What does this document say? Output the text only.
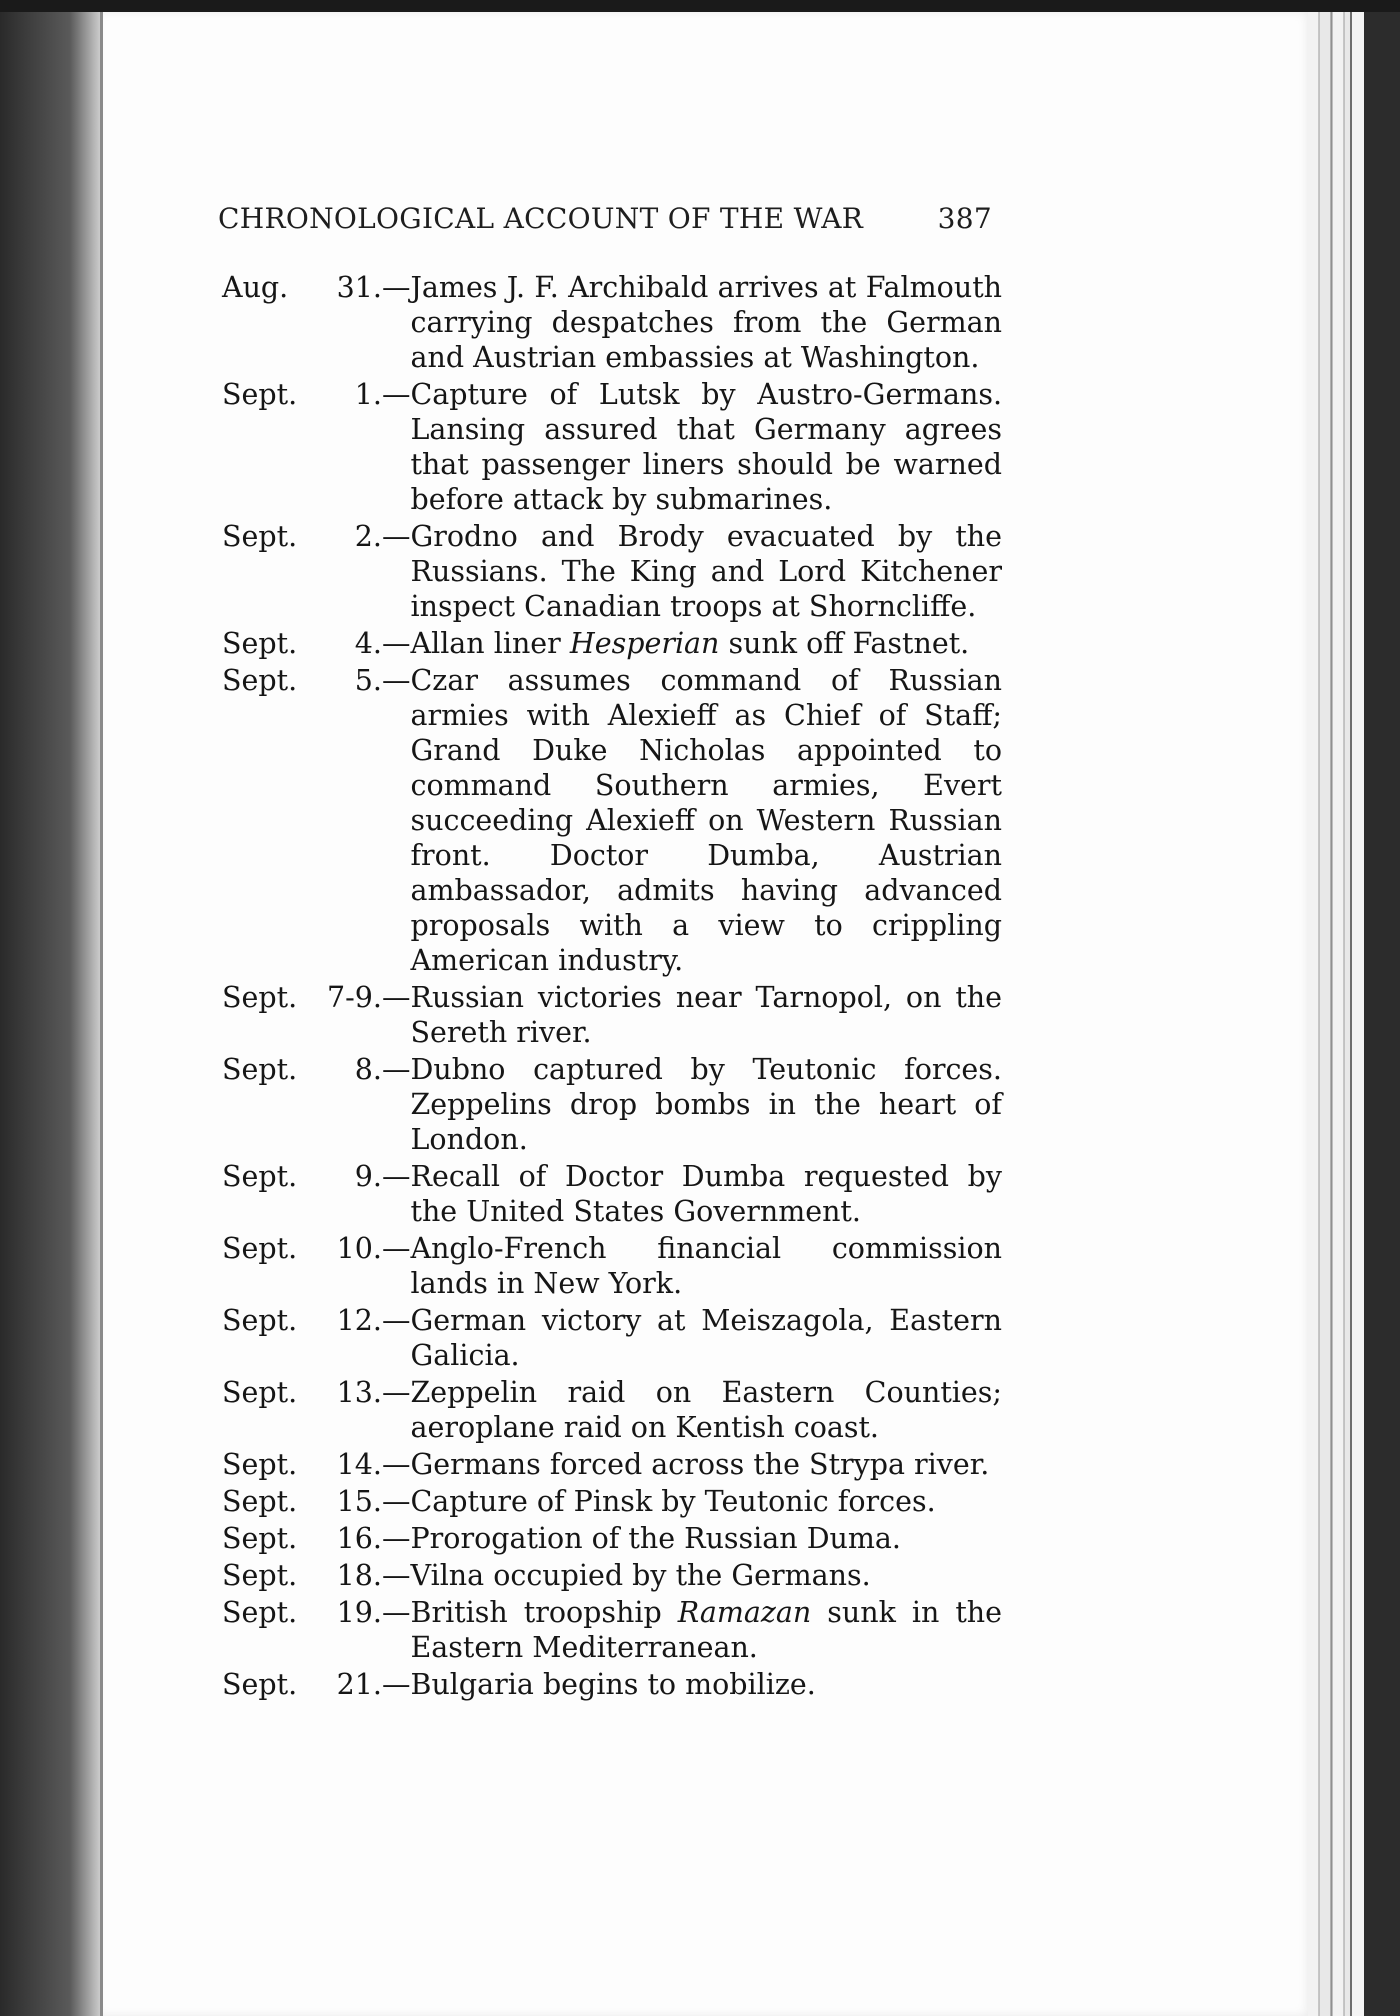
CHRONOLOGICAL ACCOUNT OF THE WAR	387
Aug. 31. — James J. F. Archibald arrives at Falmouth carrying despatches from the German and Austrian embassies at Washington.
Sept. 1. — Capture of Lutsk by Austro-Germans. Lansing assured that Germany agrees that passenger liners should be warned before attack by submarines.
Sept. 2. — Grodno and Brody evacuated by the Russians. The King and Lord Kitchener inspect Canadian troops at Shorncliffe.
Sept. 4. — Allan liner Hesperian sunk off Fastnet.
Sept. 5. — Czar assumes command of Russian armies with Alexieff as Chief of Staff; Grand Duke Nicholas appointed to command Southern armies, Evert succeeding Alexieff on Western Russian front. Doctor Dumba, Austrian ambassador, admits having advanced proposals with a view to crippling American industry.
Sept. 7-9. — Russian victories near Tarnopol, on the Sereth river.
Sept. 8. — Dubno captured by Teutonic forces. Zeppelins drop bombs in the heart of London.
Sept. 9. — Recall of Doctor Dumba requested by the United States Government.
Sept. 10. — Anglo-French financial commission lands in New York.
Sept. 12. — German victory at Meiszagola, Eastern Galicia.
Sept. 13. — Zeppelin raid on Eastern Counties; aeroplane raid on Kentish coast.
Sept. 14. — Germans forced across the Strypa river.
Sept. 15. — Capture of Pinsk by Teutonic forces.
Sept. 16. — Prorogation of the Russian Duma.
Sept. 18. — Vilna occupied by the Germans.
Sept. 19. — British troopship Ramazan sunk in the Eastern Mediterranean.
Sept. 21. — Bulgaria begins to mobilize.
